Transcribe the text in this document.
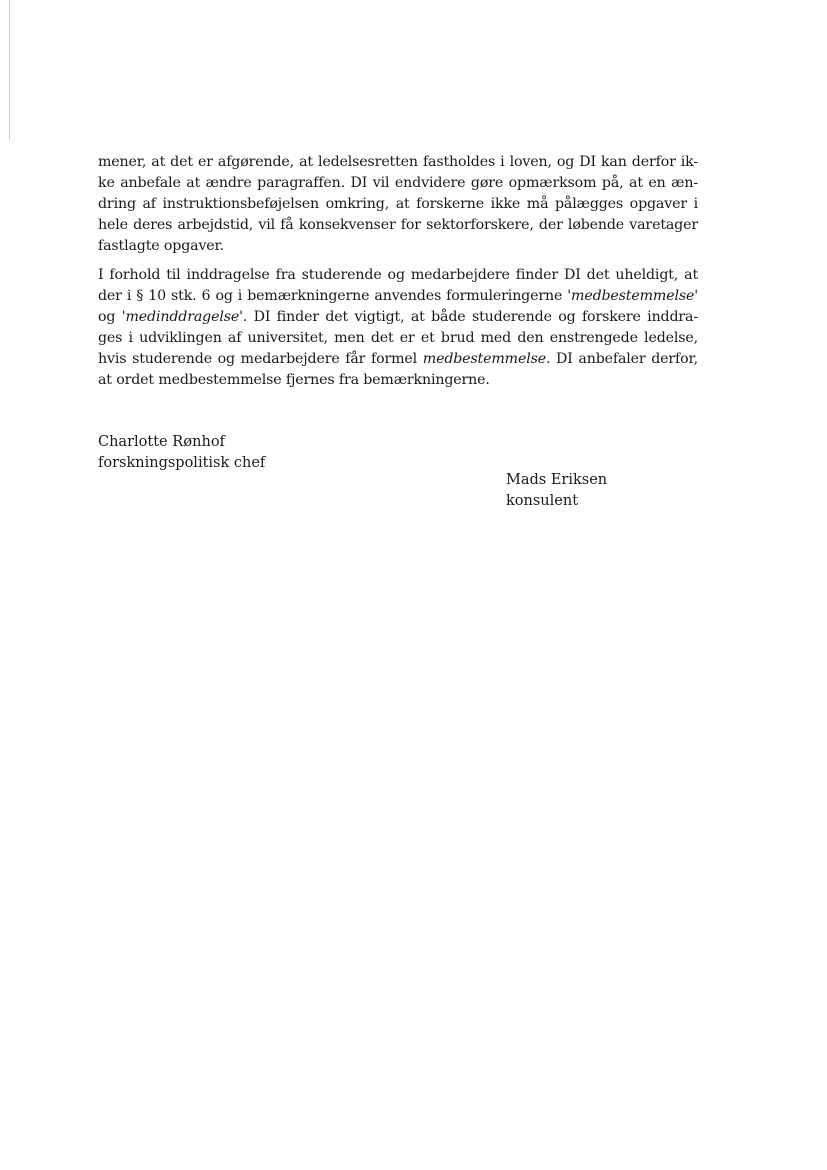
mener, at det er afgørende, at ledelsesretten fastholdes i loven, og DI kan derfor ik-
ke anbefale at ændre paragraffen. DI vil endvidere gøre opmærksom på, at en æn-
dring af instruktionsbeføjelsen omkring, at forskerne ikke må pålægges opgaver i
hele deres arbejdstid, vil få konsekvenser for sektorforskere, der løbende varetager
fastlagte opgaver.
I forhold til inddragelse fra studerende og medarbejdere finder DI det uheldigt, at
der i § 10 stk. 6 og i bemærkningerne anvendes formuleringerne 'medbestemmelse'
og 'medinddragelse'. DI finder det vigtigt, at både studerende og forskere inddra-
ges i udviklingen af universitet, men det er et brud med den enstrengede ledelse,
hvis studerende og medarbejdere får formel medbestemmelse. DI anbefaler derfor,
at ordet medbestemmelse fjernes fra bemærkningerne.
Charlotte Rønhof
forskningspolitisk chef
Mads Eriksen
konsulent
